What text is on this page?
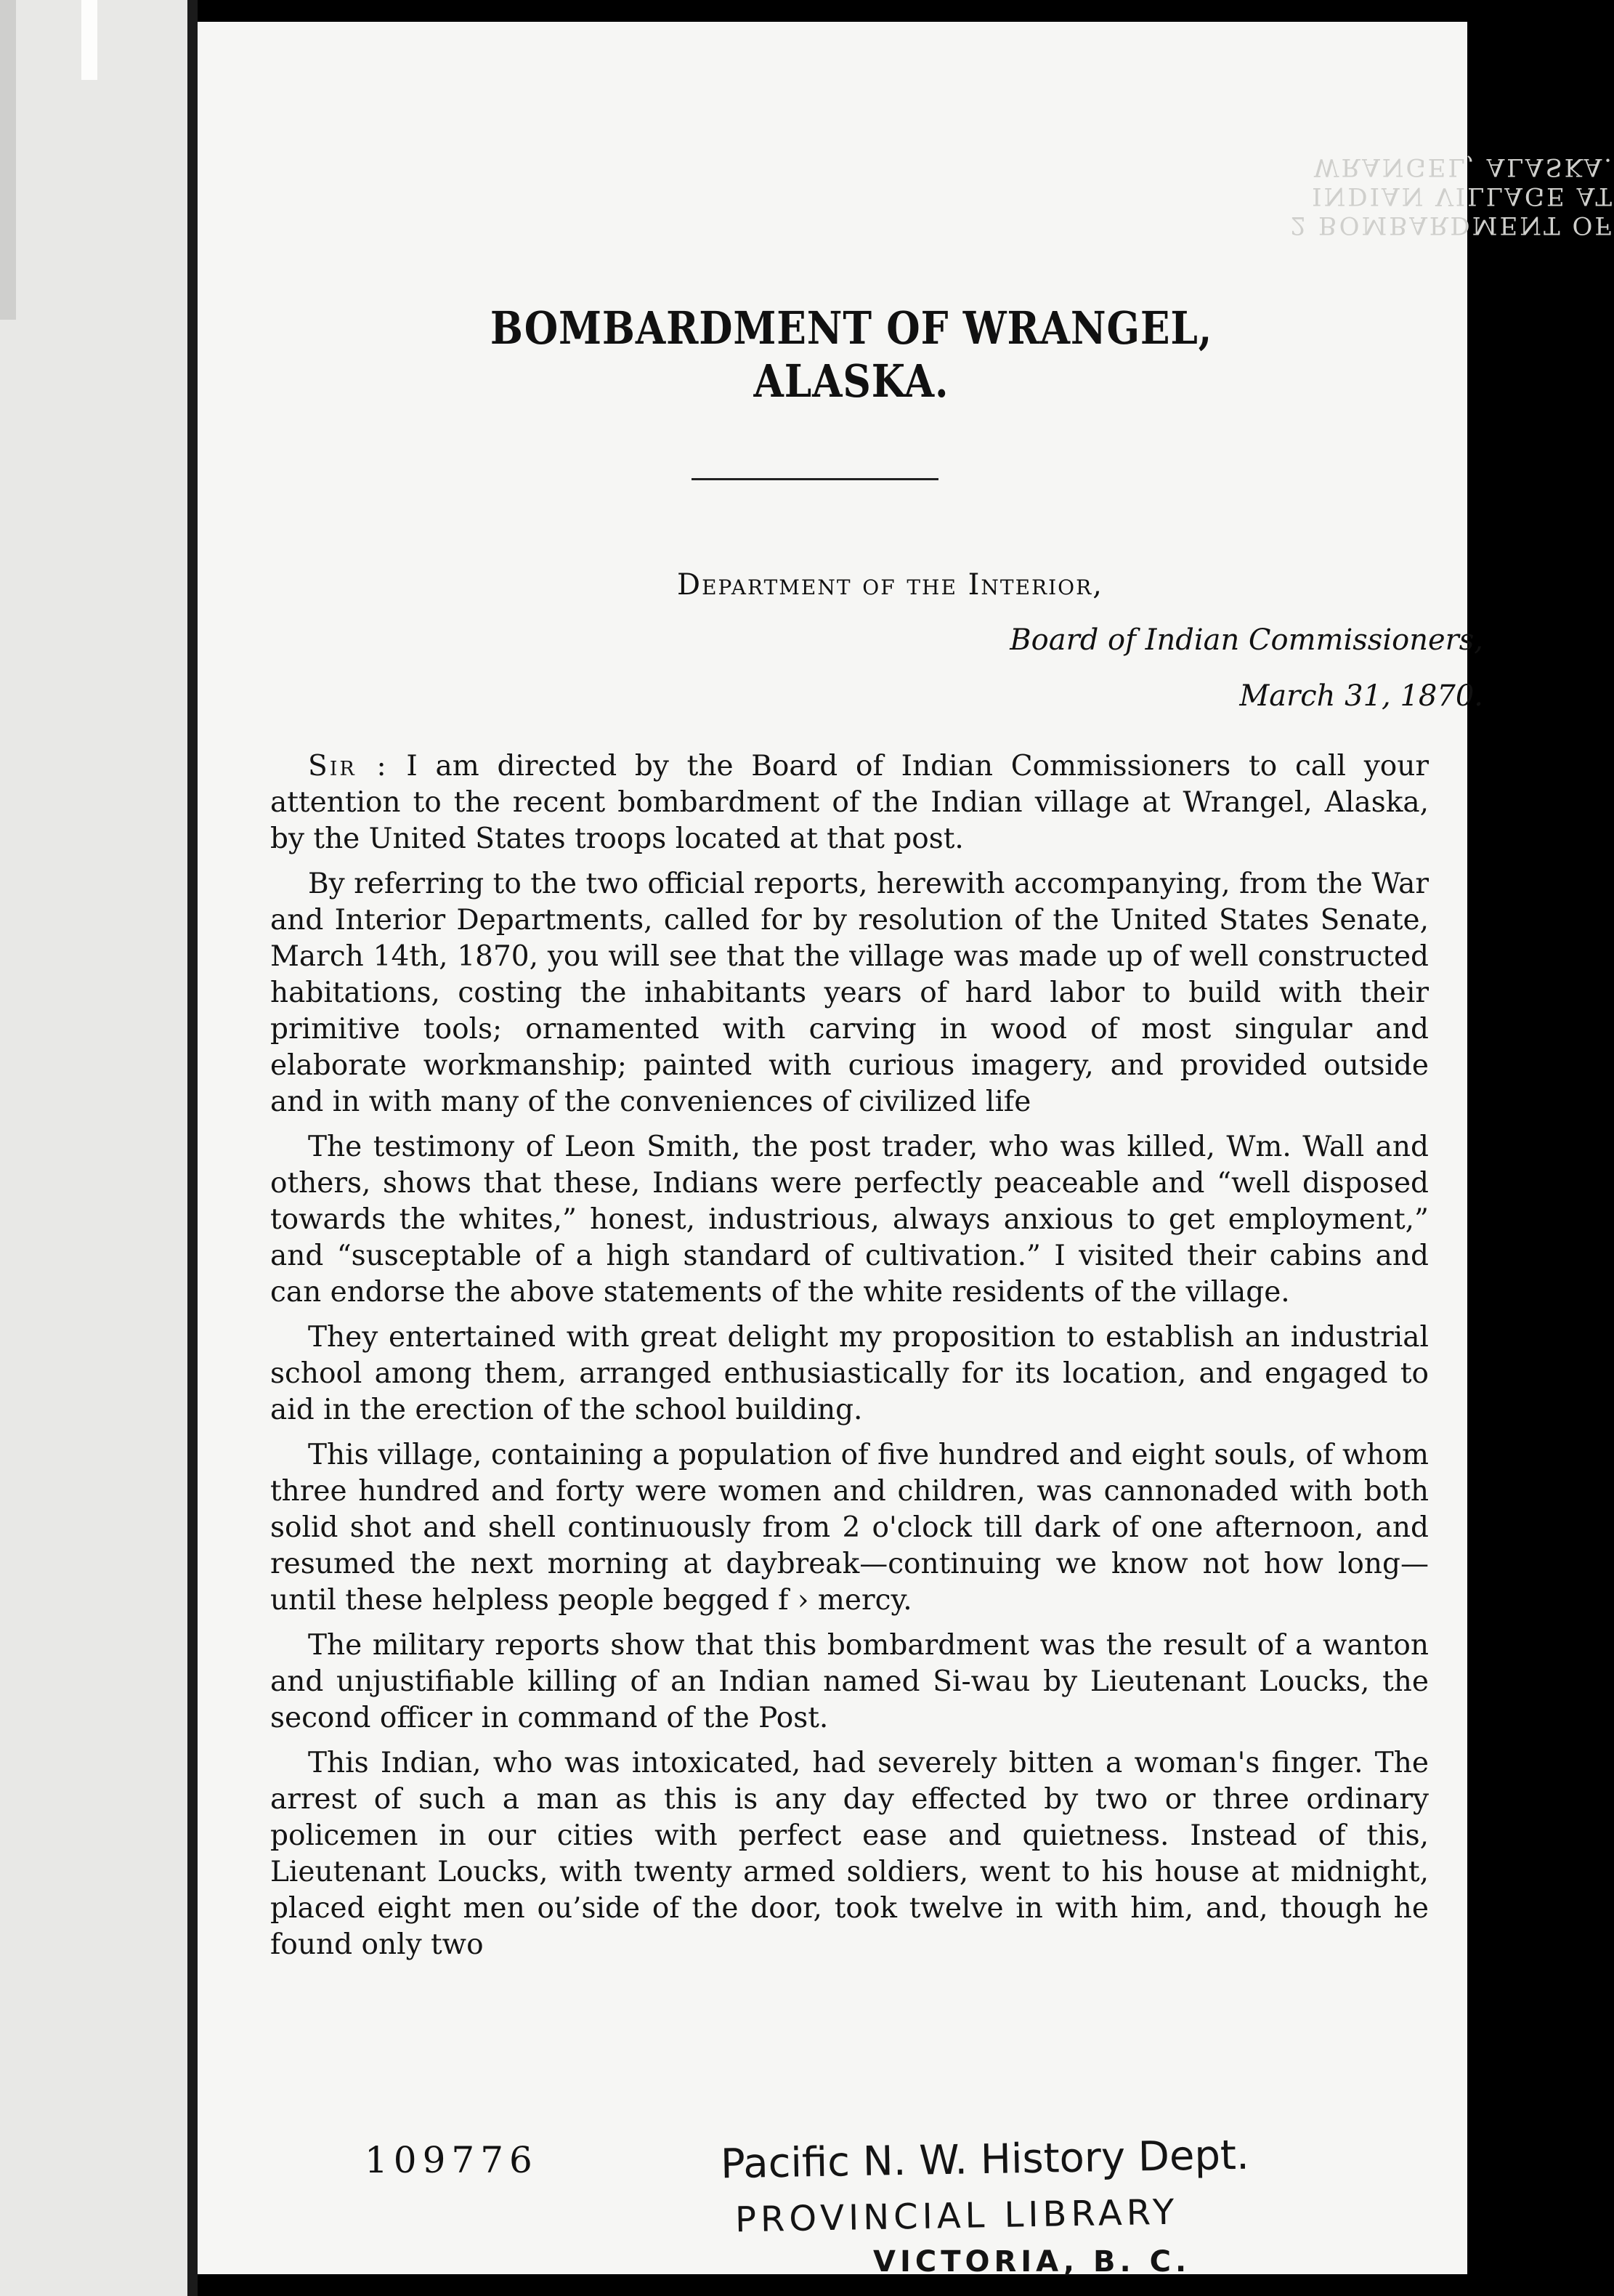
2 BOMBARDMENT OF INDIAN VILLAGE AT WRANGEL, ALASKA.
BOMBARDMENT OF WRANGEL, ALASKA.
Department of the Interior,
Board of Indian Commissioners,
March 31, 1870.

Sir : I am directed by the Board of Indian Commissioners to call your attention to the recent bombardment of the Indian village at Wrangel, Alaska, by the United States troops located at that post.

By referring to the two official reports, herewith accompanying, from the War and Interior Departments, called for by resolution of the United States Senate, March 14th, 1870, you will see that the village was made up of well constructed habitations, costing the inhabitants years of hard labor to build with their primitive tools; ornamented with carving in wood of most singular and elaborate workmanship; painted with curious imagery, and provided outside and in with many of the conveniences of civilized life

The testimony of Leon Smith, the post trader, who was killed, Wm. Wall and others, shows that these, Indians were perfectly peaceable and “well disposed towards the whites,” honest, industrious, always anxious to get employment,” and “susceptable of a high standard of cultivation.” I visited their cabins and can endorse the above statements of the white residents of the village.

They entertained with great delight my proposition to establish an industrial school among them, arranged enthusiastically for its location, and engaged to aid in the erection of the school building.

This village, containing a population of five hundred and eight souls, of whom three hundred and forty were women and children, was cannonaded with both solid shot and shell continuously from 2 o'clock till dark of one afternoon, and resumed the next morning at daybreak—continuing we know not how long—until these helpless people begged f › mercy.

The military reports show that this bombardment was the result of a wanton and unjustifiable killing of an Indian named Si-wau by Lieutenant Loucks, the second officer in command of the Post.

This Indian, who was intoxicated, had severely bitten a woman's finger. The arrest of such a man as this is any day effected by two or three ordinary policemen in our cities with perfect ease and quietness. Instead of this, Lieutenant Loucks, with twenty armed soldiers, went to his house at midnight, placed eight men ou’side of the door, took twelve in with him, and, though he found only two

109776	Pacific N. W. History Dept.
PROVINCIAL LIBRARY
VICTORIA, B. C.
